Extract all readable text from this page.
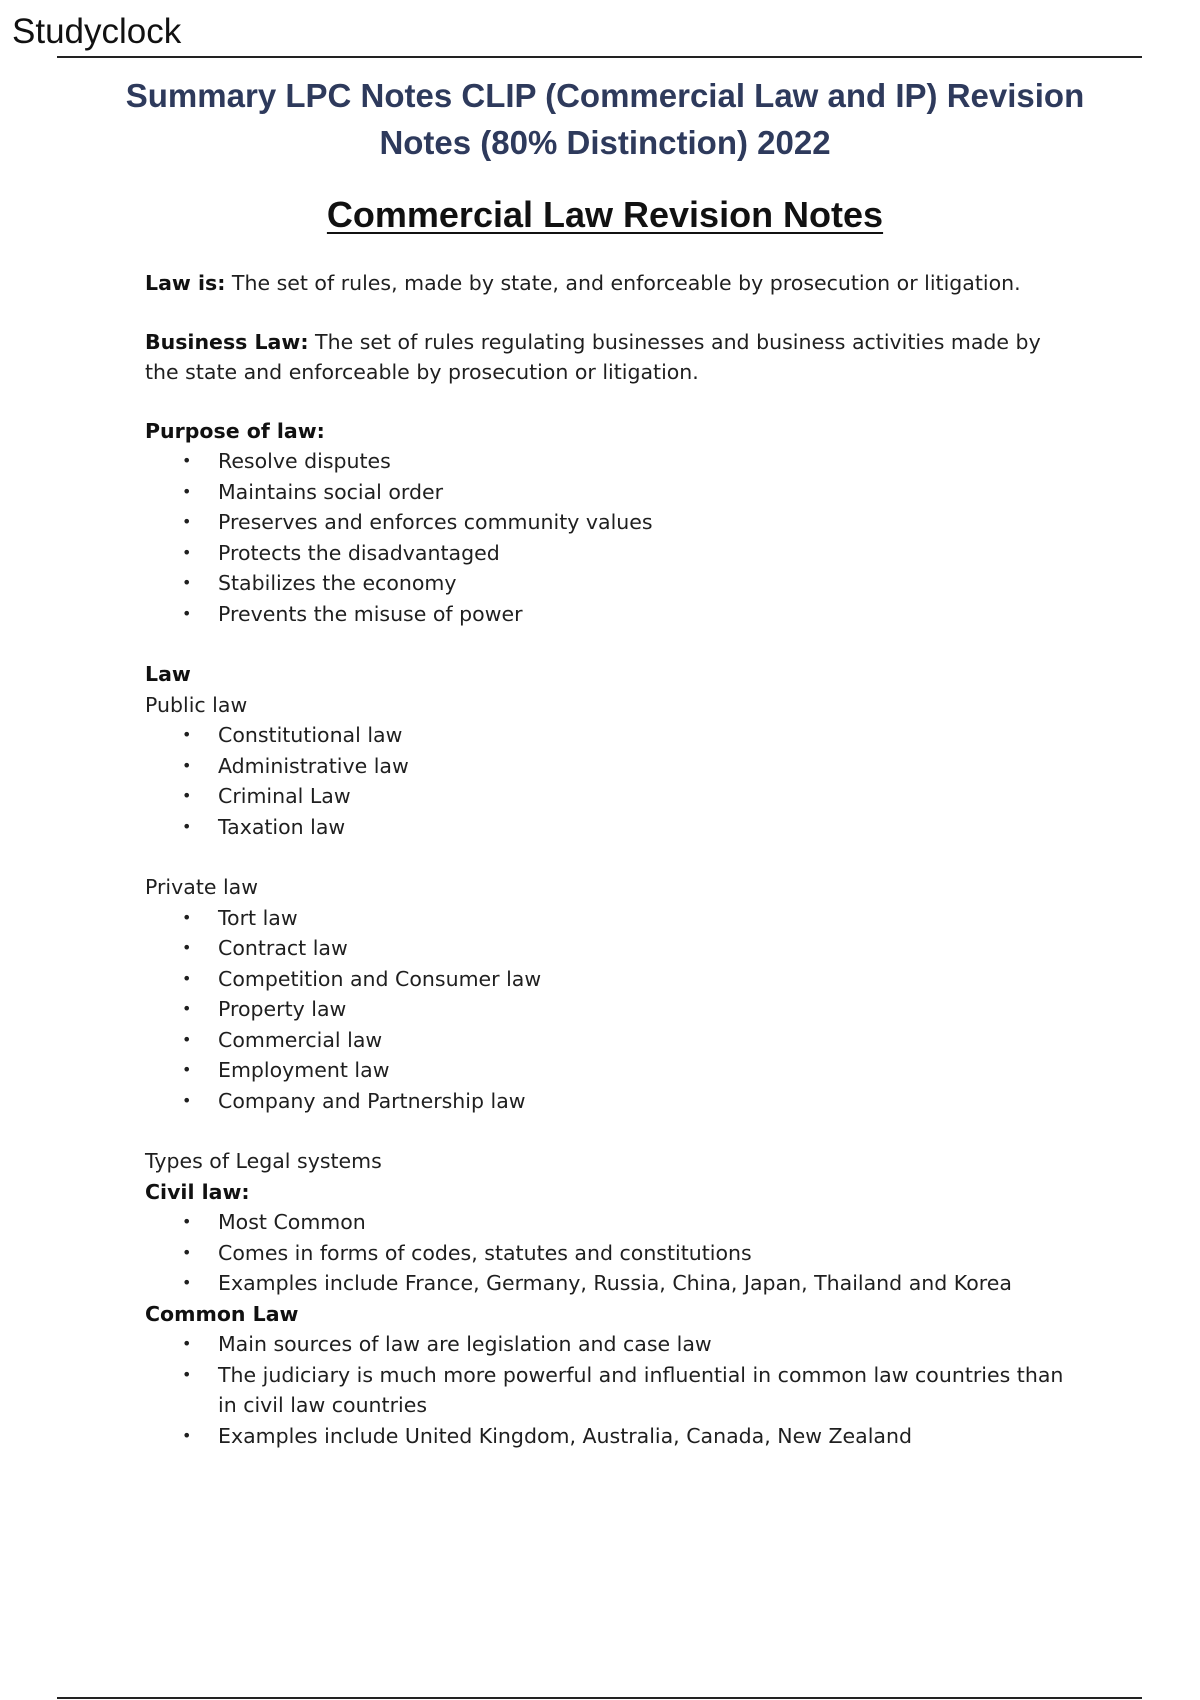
Studyclock
Summary LPC Notes CLIP (Commercial Law and IP) Revision Notes (80% Distinction) 2022
Commercial Law Revision Notes

Law is: The set of rules, made by state, and enforceable by prosecution or litigation.

Business Law: The set of rules regulating businesses and business activities made by the state and enforceable by prosecution or litigation.

Purpose of law:

• Resolve disputes
• Maintains social order
• Preserves and enforces community values
• Protects the disadvantaged
• Stabilizes the economy
• Prevents the misuse of power

Law

Public law

• Constitutional law
• Administrative law
• Criminal Law
• Taxation law

Private law

• Tort law
• Contract law
• Competition and Consumer law
• Property law
• Commercial law
• Employment law
• Company and Partnership law

Types of Legal systems

Civil law:

• Most Common
• Comes in forms of codes, statutes and constitutions
• Examples include France, Germany, Russia, China, Japan, Thailand and Korea

Common Law

• Main sources of law are legislation and case law
• The judiciary is much more powerful and influential in common law countries than in civil law countries
• Examples include United Kingdom, Australia, Canada, New Zealand
